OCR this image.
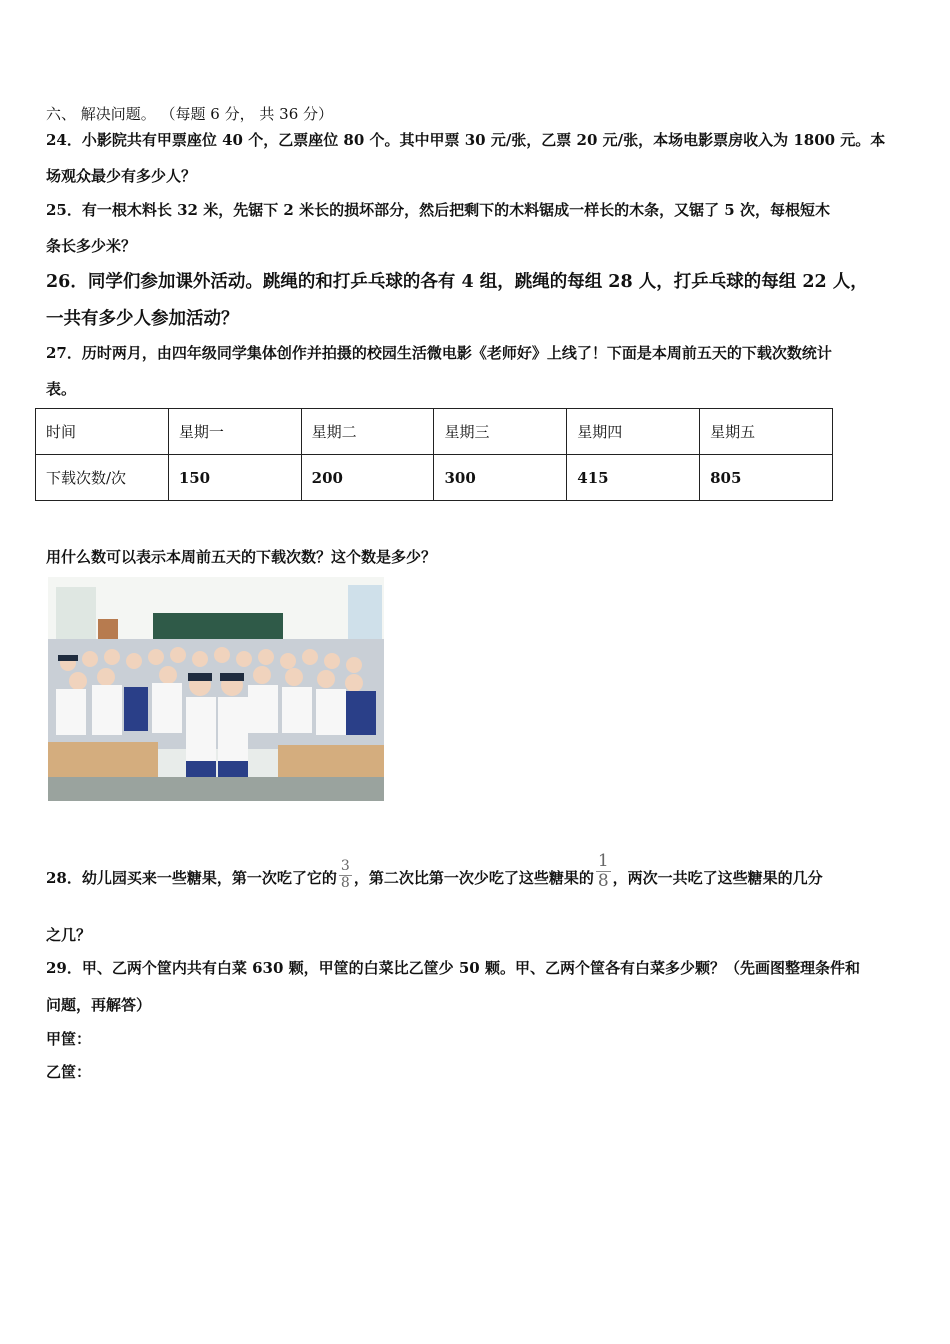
六、 解决问题。 （每题 6 分， 共 36 分）
24．小影院共有甲票座位 40 个，乙票座位 80 个。其中甲票 30 元/张，乙票 20 元/张，本场电影票房收入为 1800 元。本
场观众最少有多少人？
25．有一根木料长 32 米，先锯下 2 米长的损坏部分，然后把剩下的木料锯成一样长的木条，又锯了 5 次，每根短木
条长多少米？
26．同学们参加课外活动。跳绳的和打乒乓球的各有 4 组，跳绳的每组 28 人，打乒乓球的每组 22 人，
一共有多少人参加活动？
27．历时两月，由四年级同学集体创作并拍摄的校园生活微电影《老师好》上线了！下面是本周前五天的下载次数统计
表。
时间	星期一	星期二	星期三	星期四	星期五
下载次数/次	150	200	300	415	805
用什么数可以表示本周前五天的下载次数？这个数是多少？
28．幼儿园买来一些糖果，第一次吃了它的 $\frac{3}{8}$ ，第二次比第一次少吃了这些糖果的 $\frac{1}{8}$ ，两次一共吃了这些糖果的几分
之几？
29．甲、乙两个筐内共有白菜 630 颗，甲筐的白菜比乙筐少 50 颗。甲、乙两个筐各有白菜多少颗？（先画图整理条件和
问题，再解答）
甲筐：
乙筐：
